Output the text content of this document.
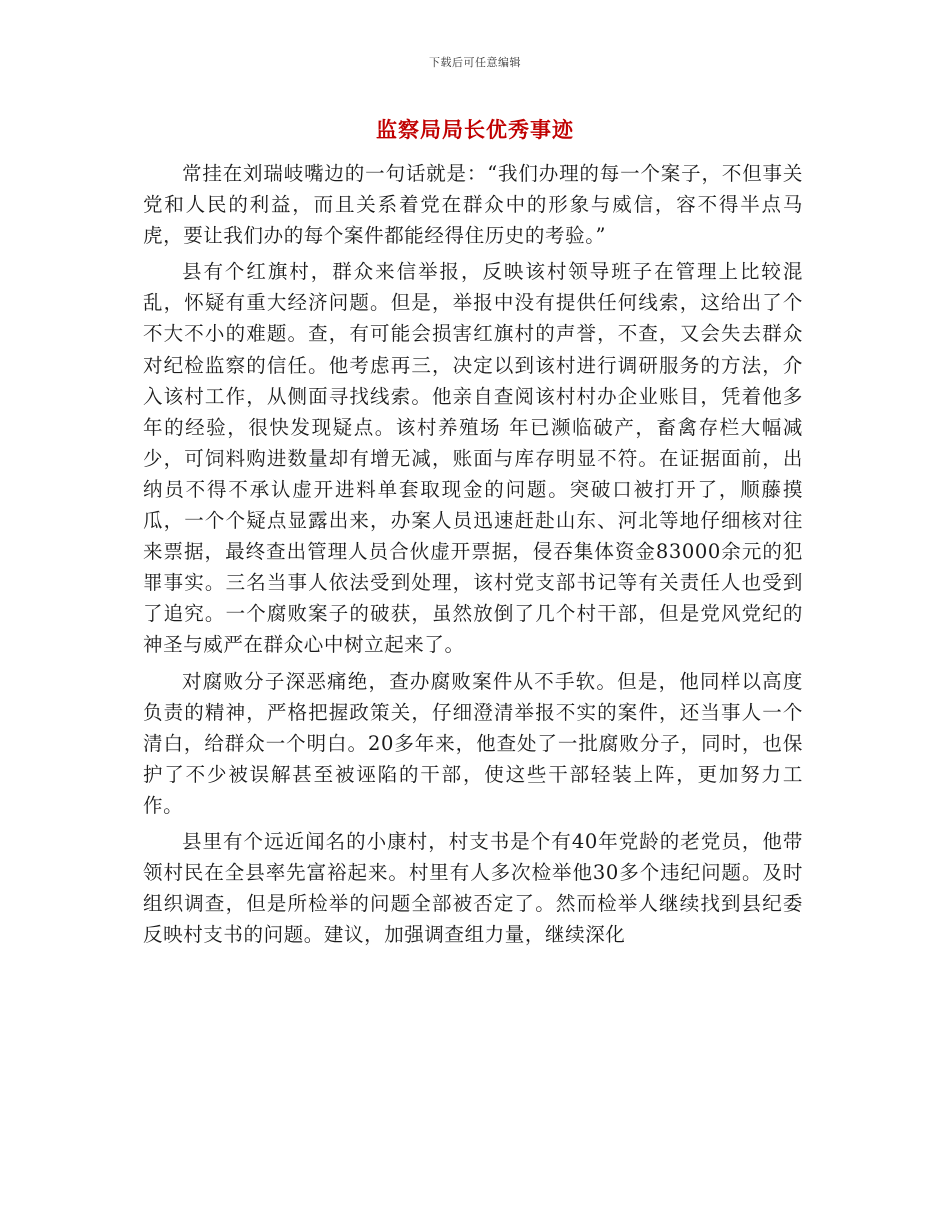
下载后可任意编辑
监察局局长优秀事迹

常挂在刘瑞岐嘴边的一句话就是：“我们办理的每一个案子，不但事关党和人民的利益，而且关系着党在群众中的形象与威信，容不得半点马虎，要让我们办的每个案件都能经得住历史的考验。”

县有个红旗村，群众来信举报，反映该村领导班子在管理上比较混乱，怀疑有重大经济问题。但是，举报中没有提供任何线索，这给出了个不大不小的难题。查，有可能会损害红旗村的声誉，不查，又会失去群众对纪检监察的信任。他考虑再三，决定以到该村进行调研服务的方法，介入该村工作，从侧面寻找线索。他亲自查阅该村村办企业账目，凭着他多年的经验，很快发现疑点。该村养殖场 年已濒临破产，畜禽存栏大幅减少，可饲料购进数量却有增无减，账面与库存明显不符。在证据面前，出纳员不得不承认虚开进料单套取现金的问题。突破口被打开了，顺藤摸瓜，一个个疑点显露出来，办案人员迅速赶赴山东、河北等地仔细核对往来票据，最终查出管理人员合伙虚开票据，侵吞集体资金83000余元的犯罪事实。三名当事人依法受到处理，该村党支部书记等有关责任人也受到了追究。一个腐败案子的破获，虽然放倒了几个村干部，但是党风党纪的神圣与威严在群众心中树立起来了。

对腐败分子深恶痛绝，查办腐败案件从不手软。但是，他同样以高度负责的精神，严格把握政策关，仔细澄清举报不实的案件，还当事人一个清白，给群众一个明白。20多年来，他查处了一批腐败分子，同时，也保护了不少被误解甚至被诬陷的干部，使这些干部轻装上阵，更加努力工作。

县里有个远近闻名的小康村，村支书是个有40年党龄的老党员，他带领村民在全县率先富裕起来。村里有人多次检举他30多个违纪问题。及时组织调查，但是所检举的问题全部被否定了。然而检举人继续找到县纪委反映村支书的问题。建议，加强调查组力量，继续深化
